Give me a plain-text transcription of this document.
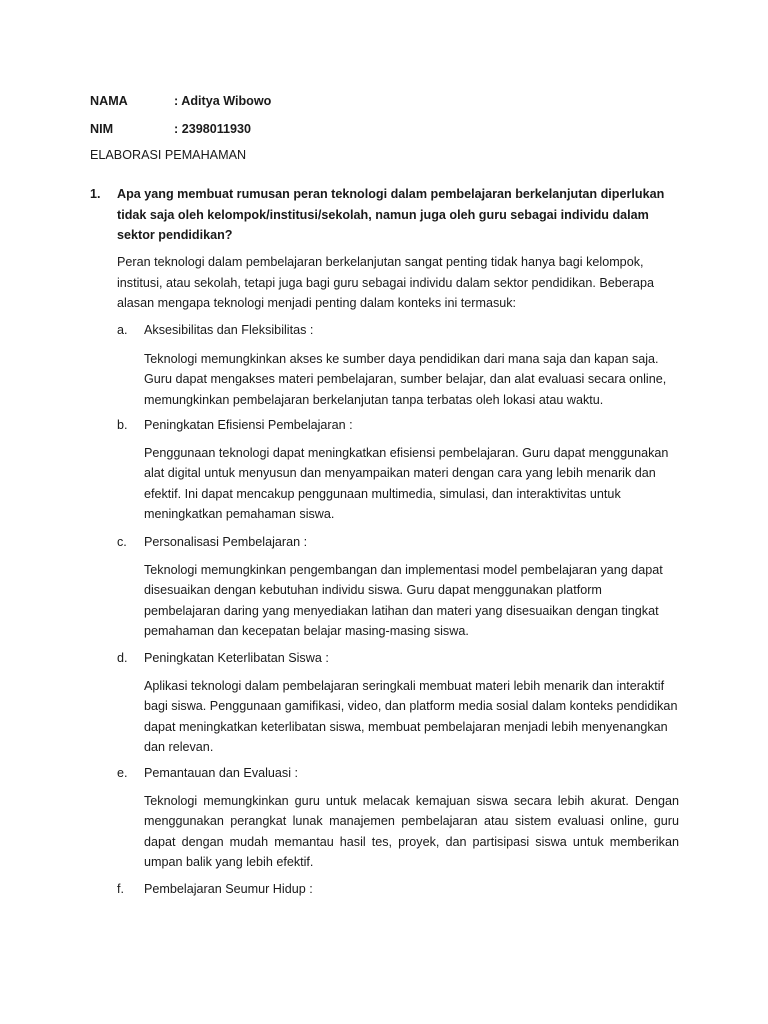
NAMA	: Aditya Wibowo
NIM	: 2398011930
ELABORASI PEMAHAMAN
1. Apa yang membuat rumusan peran teknologi dalam pembelajaran berkelanjutan diperlukan tidak saja oleh kelompok/institusi/sekolah, namun juga oleh guru sebagai individu dalam sektor pendidikan?
Peran teknologi dalam pembelajaran berkelanjutan sangat penting tidak hanya bagi kelompok, institusi, atau sekolah, tetapi juga bagi guru sebagai individu dalam sektor pendidikan. Beberapa alasan mengapa teknologi menjadi penting dalam konteks ini termasuk:
a. Aksesibilitas dan Fleksibilitas :
Teknologi memungkinkan akses ke sumber daya pendidikan dari mana saja dan kapan saja. Guru dapat mengakses materi pembelajaran, sumber belajar, dan alat evaluasi secara online, memungkinkan pembelajaran berkelanjutan tanpa terbatas oleh lokasi atau waktu.
b. Peningkatan Efisiensi Pembelajaran :
Penggunaan teknologi dapat meningkatkan efisiensi pembelajaran. Guru dapat menggunakan alat digital untuk menyusun dan menyampaikan materi dengan cara yang lebih menarik dan efektif. Ini dapat mencakup penggunaan multimedia, simulasi, dan interaktivitas untuk meningkatkan pemahaman siswa.
c. Personalisasi Pembelajaran :
Teknologi memungkinkan pengembangan dan implementasi model pembelajaran yang dapat disesuaikan dengan kebutuhan individu siswa. Guru dapat menggunakan platform pembelajaran daring yang menyediakan latihan dan materi yang disesuaikan dengan tingkat pemahaman dan kecepatan belajar masing-masing siswa.
d. Peningkatan Keterlibatan Siswa :
Aplikasi teknologi dalam pembelajaran seringkali membuat materi lebih menarik dan interaktif bagi siswa. Penggunaan gamifikasi, video, dan platform media sosial dalam konteks pendidikan dapat meningkatkan keterlibatan siswa, membuat pembelajaran menjadi lebih menyenangkan dan relevan.
e. Pemantauan dan Evaluasi :
Teknologi memungkinkan guru untuk melacak kemajuan siswa secara lebih akurat. Dengan menggunakan perangkat lunak manajemen pembelajaran atau sistem evaluasi online, guru dapat dengan mudah memantau hasil tes, proyek, dan partisipasi siswa untuk memberikan umpan balik yang lebih efektif.
f. Pembelajaran Seumur Hidup :
